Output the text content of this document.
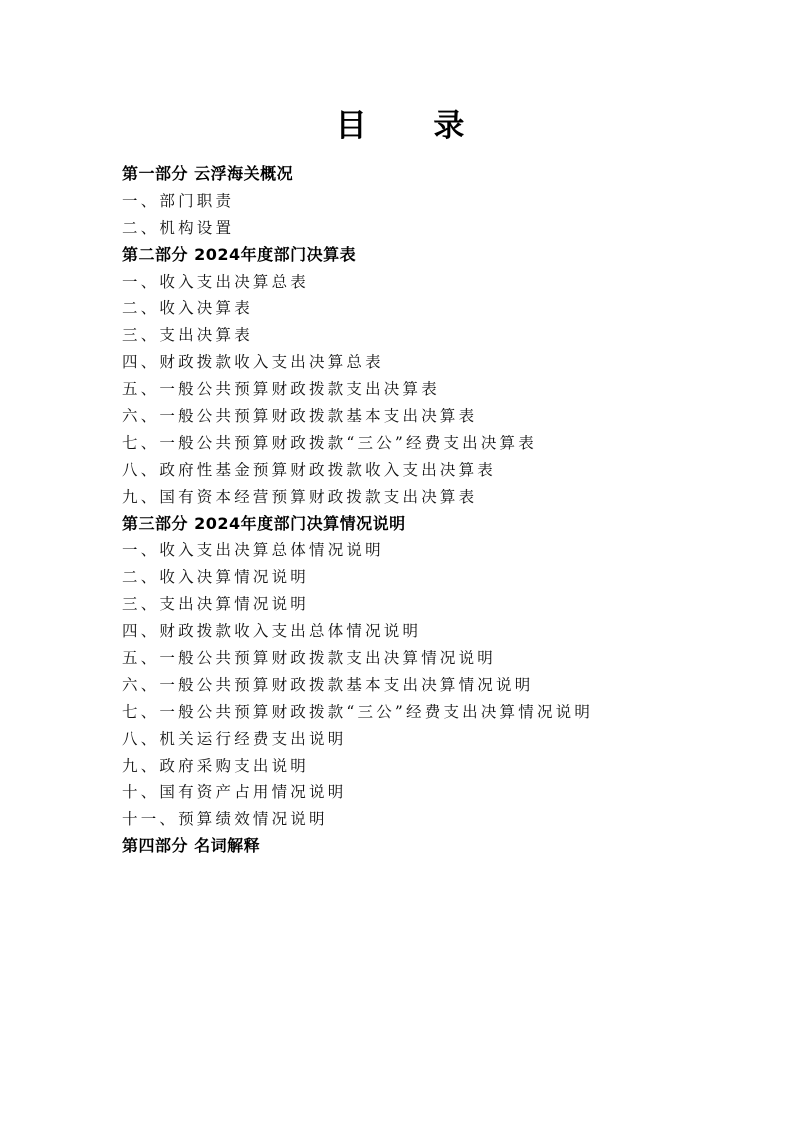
目 录
第一部分 云浮海关概况
一、部门职责
二、机构设置
第二部分 2024年度部门决算表
一、收入支出决算总表
二、收入决算表
三、支出决算表
四、财政拨款收入支出决算总表
五、一般公共预算财政拨款支出决算表
六、一般公共预算财政拨款基本支出决算表
七、一般公共预算财政拨款“三公”经费支出决算表
八、政府性基金预算财政拨款收入支出决算表
九、国有资本经营预算财政拨款支出决算表
第三部分 2024年度部门决算情况说明
一、收入支出决算总体情况说明
二、收入决算情况说明
三、支出决算情况说明
四、财政拨款收入支出总体情况说明
五、一般公共预算财政拨款支出决算情况说明
六、一般公共预算财政拨款基本支出决算情况说明
七、一般公共预算财政拨款“三公”经费支出决算情况说明
八、机关运行经费支出说明
九、政府采购支出说明
十、国有资产占用情况说明
十一、预算绩效情况说明
第四部分 名词解释
